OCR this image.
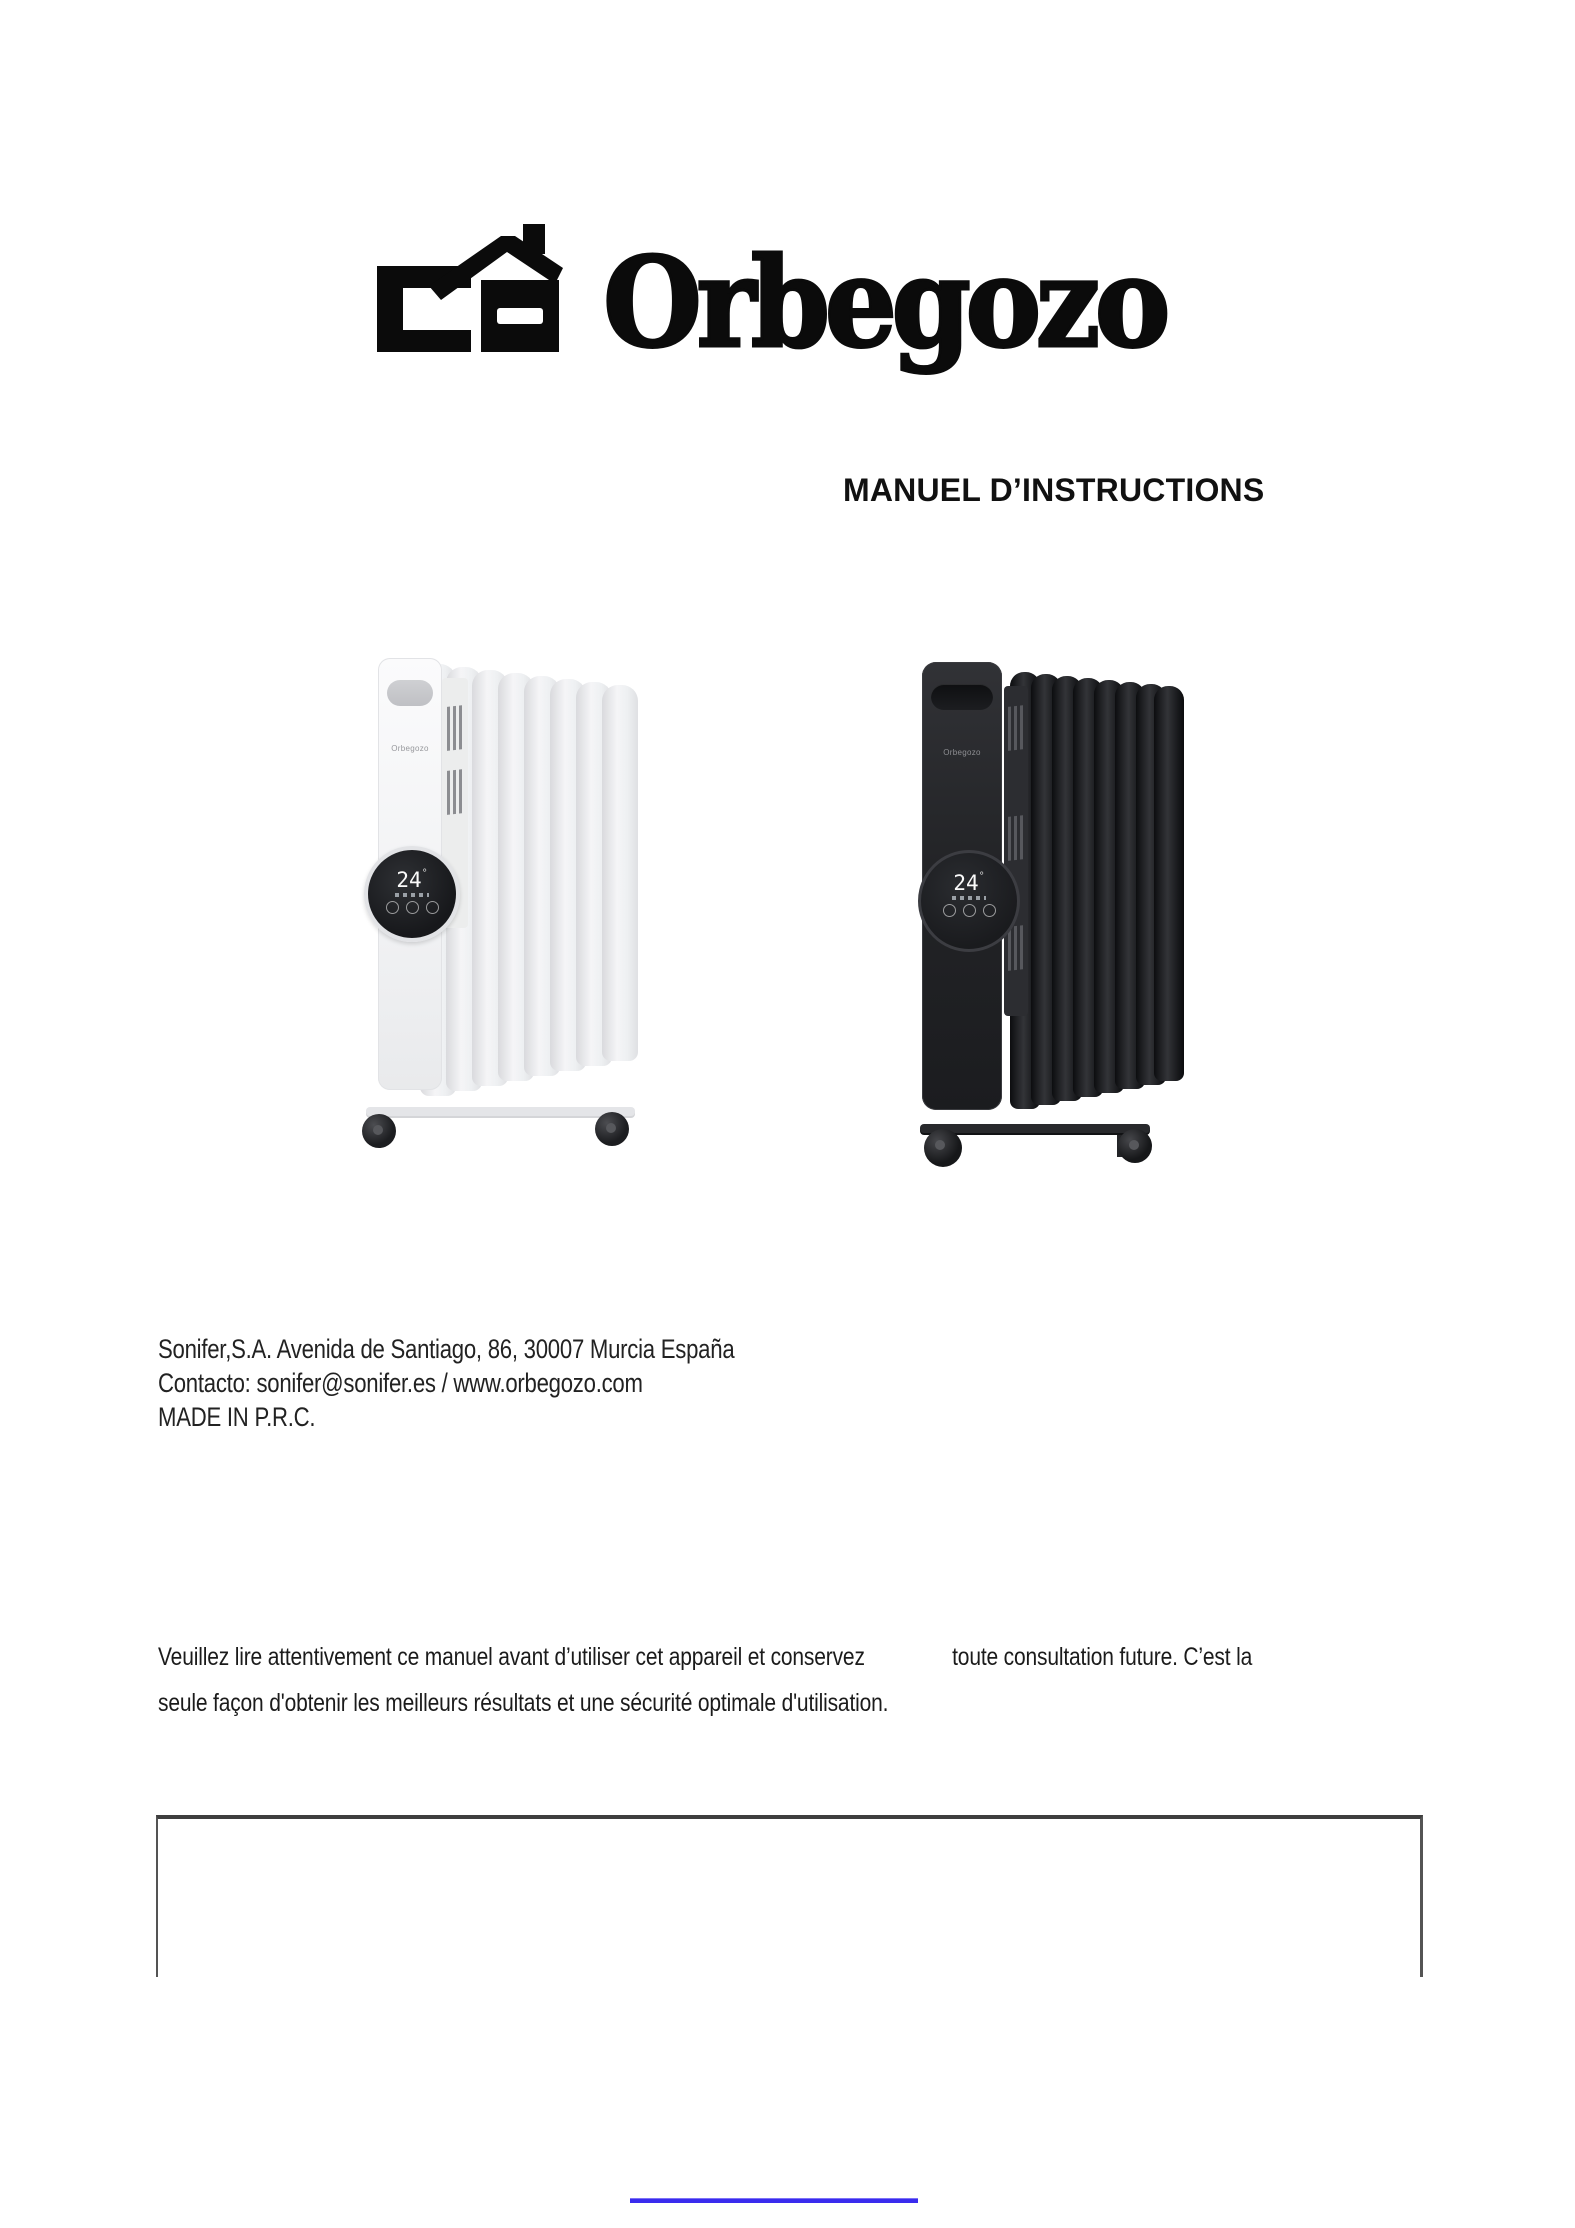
Orbegozo
MANUEL D’INSTRUCTIONS
Orbegozo
24°
Orbegozo
24°
Sonifer,S.A. Avenida de Santiago, 86, 30007 Murcia España
Contacto: sonifer@sonifer.es / www.orbegozo.com
MADE IN P.R.C.

Veuillez lire attentivement ce manuel avant d’utiliser cet appareil et conservez	toute consultation future. C’est la

seule façon d'obtenir les meilleurs résultats et une sécurité optimale d'utilisation.
